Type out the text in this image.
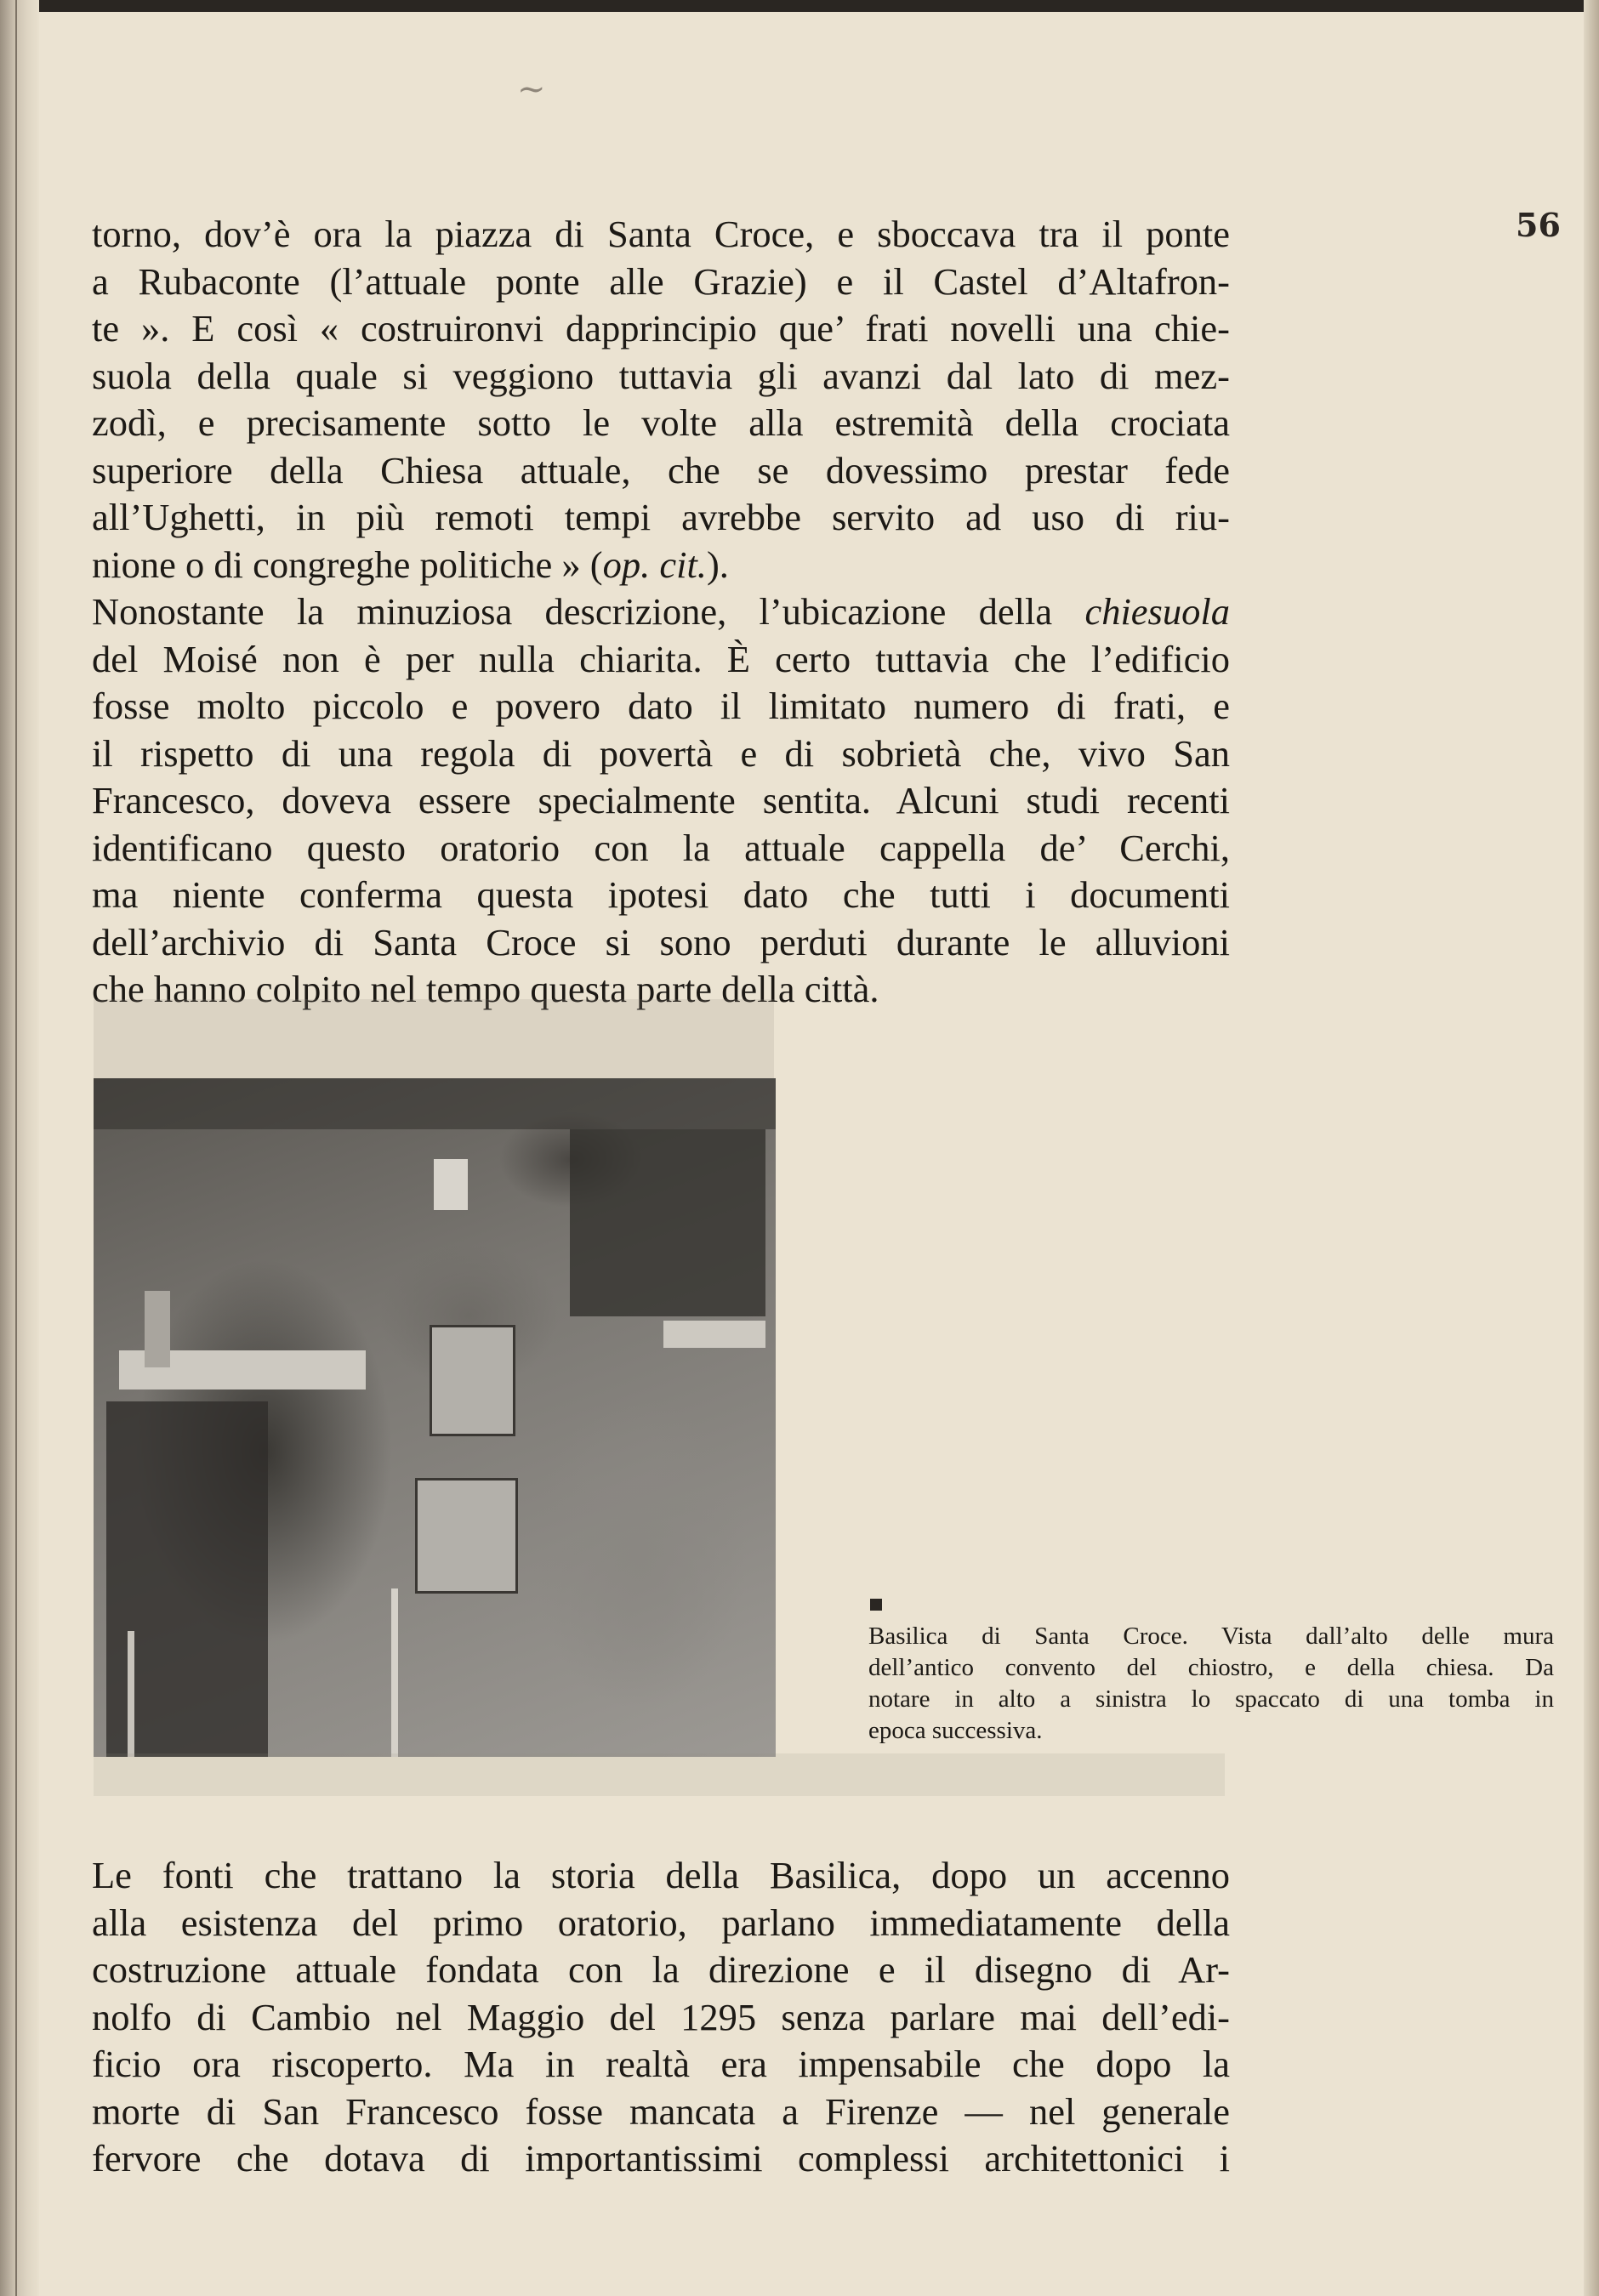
~
56
torno, dov’è ora la piazza di Santa Croce, e sboccava tra il ponte
a Rubaconte (l’attuale ponte alle Grazie) e il Castel d’Altafron-
te ». E così « costruironvi dapprincipio que’ frati novelli una chie-
suola della quale si veggiono tuttavia gli avanzi dal lato di mez-
zodì, e precisamente sotto le volte alla estremità della crociata
superiore della Chiesa attuale, che se dovessimo prestar fede
all’Ughetti, in più remoti tempi avrebbe servito ad uso di riu-
nione o di congreghe politiche » (op. cit.).
Nonostante la minuziosa descrizione, l’ubicazione della chiesuola
del Moisé non è per nulla chiarita. È certo tuttavia che l’edificio
fosse molto piccolo e povero dato il limitato numero di frati, e
il rispetto di una regola di povertà e di sobrietà che, vivo San
Francesco, doveva essere specialmente sentita. Alcuni studi recenti
identificano questo oratorio con la attuale cappella de’ Cerchi,
ma niente conferma questa ipotesi dato che tutti i documenti
dell’archivio di Santa Croce si sono perduti durante le alluvioni
che hanno colpito nel tempo questa parte della città.
Basilica di Santa Croce. Vista dall’alto delle mura
dell’antico convento del chiostro, e della chiesa. Da
notare in alto a sinistra lo spaccato di una tomba in
epoca successiva.
Le fonti che trattano la storia della Basilica, dopo un accenno
alla esistenza del primo oratorio, parlano immediatamente della
costruzione attuale fondata con la direzione e il disegno di Ar-
nolfo di Cambio nel Maggio del 1295 senza parlare mai dell’edi-
ficio ora riscoperto. Ma in realtà era impensabile che dopo la
morte di San Francesco fosse mancata a Firenze — nel generale
fervore che dotava di importantissimi complessi architettonici i
